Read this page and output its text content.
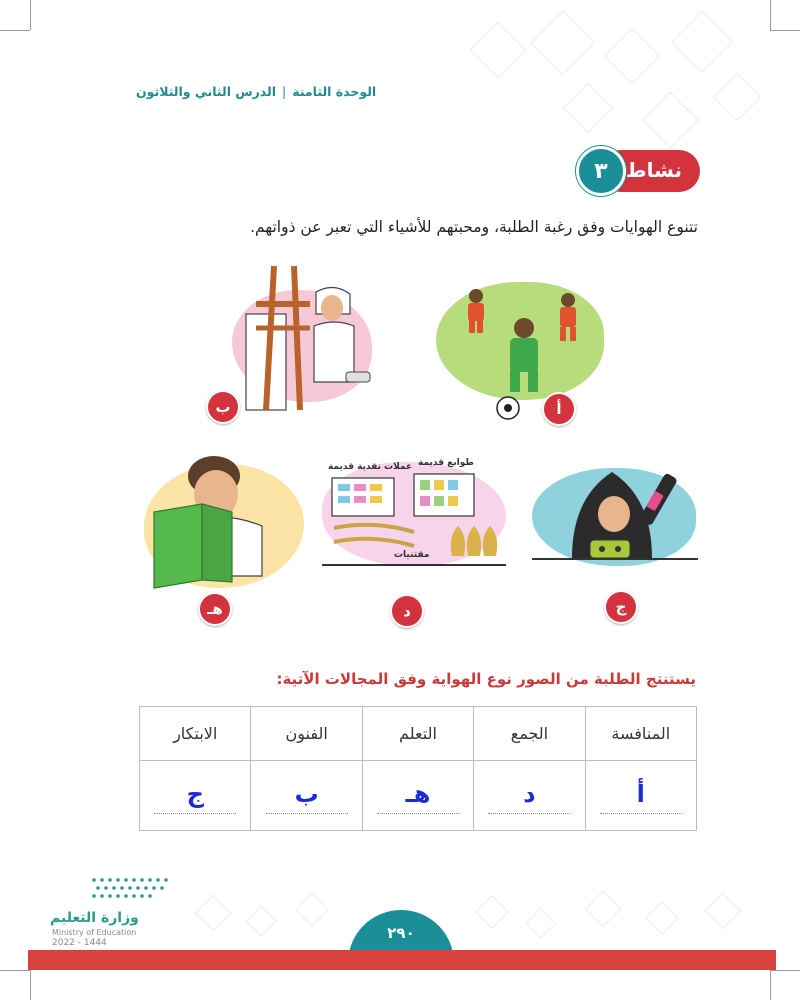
الوحدة الثامنة|الدرس الثاني والثلاثون
نشاط
٣
تتنوع الهوايات وفق رغبة الطلبة، ومحبتهم للأشياء التي تعبر عن ذواتهم.
أ
ب
ج
عملات نقدية قديمة طوابع قديمة
مقتنيات
د
هـ
يستنتج الطلبة من الصور نوع الهواية وفق المجالات الآتية:
المنافسة	الجمع	التعلم	الفنون	الابتكار
أ	د	هـ	ب	ج
وزارة التعليم
Ministry of Education
2022 - 1444
٢٩٠
